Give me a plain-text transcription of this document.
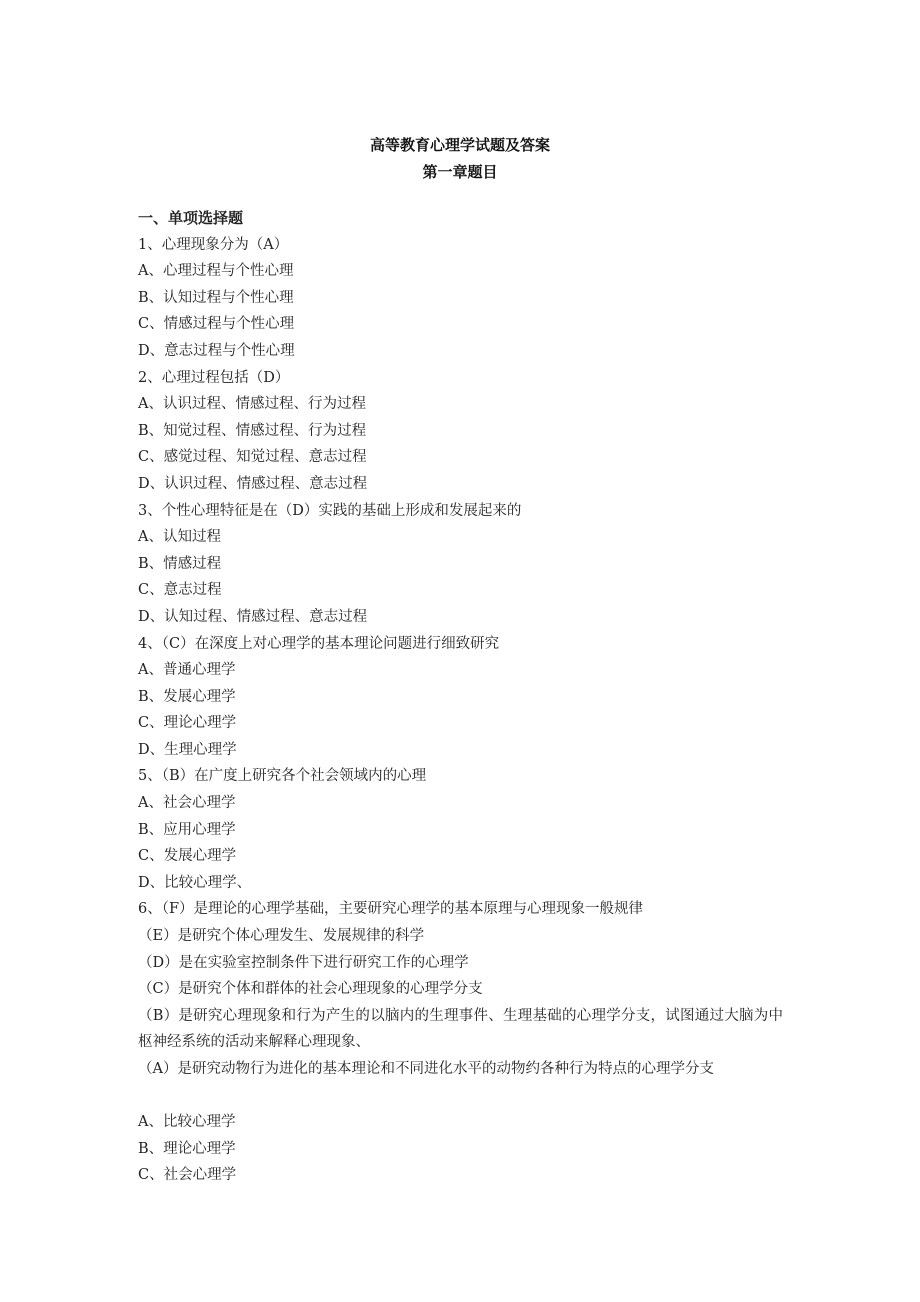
高等教育心理学试题及答案
第一章题目
一、单项选择题
1、心理现象分为（A）
A、心理过程与个性心理
B、认知过程与个性心理
C、情感过程与个性心理
D、意志过程与个性心理
2、心理过程包括（D）
A、认识过程、情感过程、行为过程
B、知觉过程、情感过程、行为过程
C、感觉过程、知觉过程、意志过程
D、认识过程、情感过程、意志过程
3、个性心理特征是在（D）实践的基础上形成和发展起来的
A、认知过程
B、情感过程
C、意志过程
D、认知过程、情感过程、意志过程
4、（C）在深度上对心理学的基本理论问题进行细致研究
A、普通心理学
B、发展心理学
C、理论心理学
D、生理心理学
5、（B）在广度上研究各个社会领域内的心理
A、社会心理学
B、应用心理学
C、发展心理学
D、比较心理学、
6、（F）是理论的心理学基础，主要研究心理学的基本原理与心理现象一般规律
（E）是研究个体心理发生、发展规律的科学
（D）是在实验室控制条件下进行研究工作的心理学
（C）是研究个体和群体的社会心理现象的心理学分支
（B）是研究心理现象和行为产生的以脑内的生理事件、生理基础的心理学分支，试图通过大脑为中枢神经系统的活动来解释心理现象、
（A）是研究动物行为进化的基本理论和不同进化水平的动物约各种行为特点的心理学分支
A、比较心理学
B、理论心理学
C、社会心理学
